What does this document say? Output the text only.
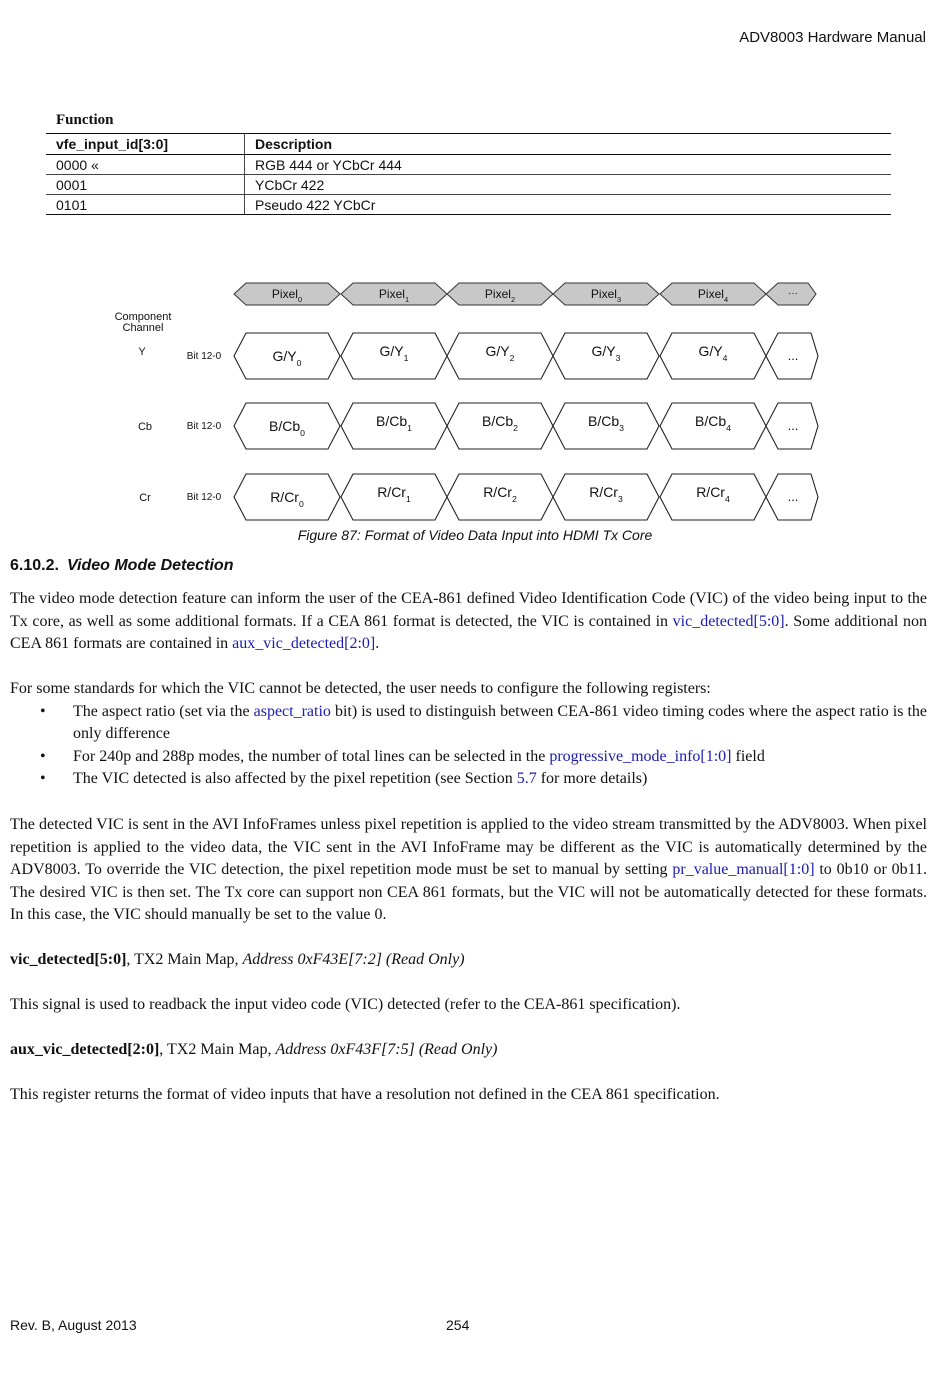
ADV8003 Hardware Manual
Function
vfe_input_id[3:0]	Description
0000 «	RGB 444 or YCbCr 444
0001	YCbCr 422
0101	Pseudo 422 YCbCr
Pixel$_0$	Pixel$_1$	Pixel$_2$	Pixel$_3$	Pixel$_4$
···
Component
Channel
Y	Bit 12-0	$G/Y_0$
$G/Y_1$	$G/Y_2$	$G/Y_3$	$G/Y_4$	...
Cb	Bit 12-0	$B/Cb_0$
$B/Cb_1$	$B/Cb_2$	$B/Cb_3$	$B/Cb_4$	...
Cr	Bit 12-0	$R/Cr_0$
$R/Cr_1$	$R/Cr_2$	$R/Cr_3$	$R/Cr_4$	...
Figure 87: Format of Video Data Input into HDMI Tx Core
6.10.2. Video Mode Detection
The video mode detection feature can inform the user of the CEA-861 defined Video Identification Code (VIC) of the video being input to the Tx core, as well as some additional formats. If a CEA 861 format is detected, the VIC is contained in vic_detected[5:0]. Some additional non CEA 861 formats are contained in aux_vic_detected[2:0].
For some standards for which the VIC cannot be detected, the user needs to configure the following registers:
• The aspect ratio (set via the aspect_ratio bit) is used to distinguish between CEA-861 video timing codes where the aspect ratio is the only difference
• For 240p and 288p modes, the number of total lines can be selected in the progressive_mode_info[1:0] field
• The VIC detected is also affected by the pixel repetition (see Section 5.7 for more details)
The detected VIC is sent in the AVI InfoFrames unless pixel repetition is applied to the video stream transmitted by the ADV8003. When pixel repetition is applied to the video data, the VIC sent in the AVI InfoFrame may be different as the VIC is automatically determined by the ADV8003. To override the VIC detection, the pixel repetition mode must be set to manual by setting pr_value_manual[1:0] to 0b10 or 0b11. The desired VIC is then set. The Tx core can support non CEA 861 formats, but the VIC will not be automatically detected for these formats. In this case, the VIC should manually be set to the value 0.
vic_detected[5:0], TX2 Main Map, Address 0xF43E[7:2] (Read Only)
This signal is used to readback the input video code (VIC) detected (refer to the CEA-861 specification).
aux_vic_detected[2:0], TX2 Main Map, Address 0xF43F[7:5] (Read Only)
This register returns the format of video inputs that have a resolution not defined in the CEA 861 specification.
Rev. B, August 2013	254
